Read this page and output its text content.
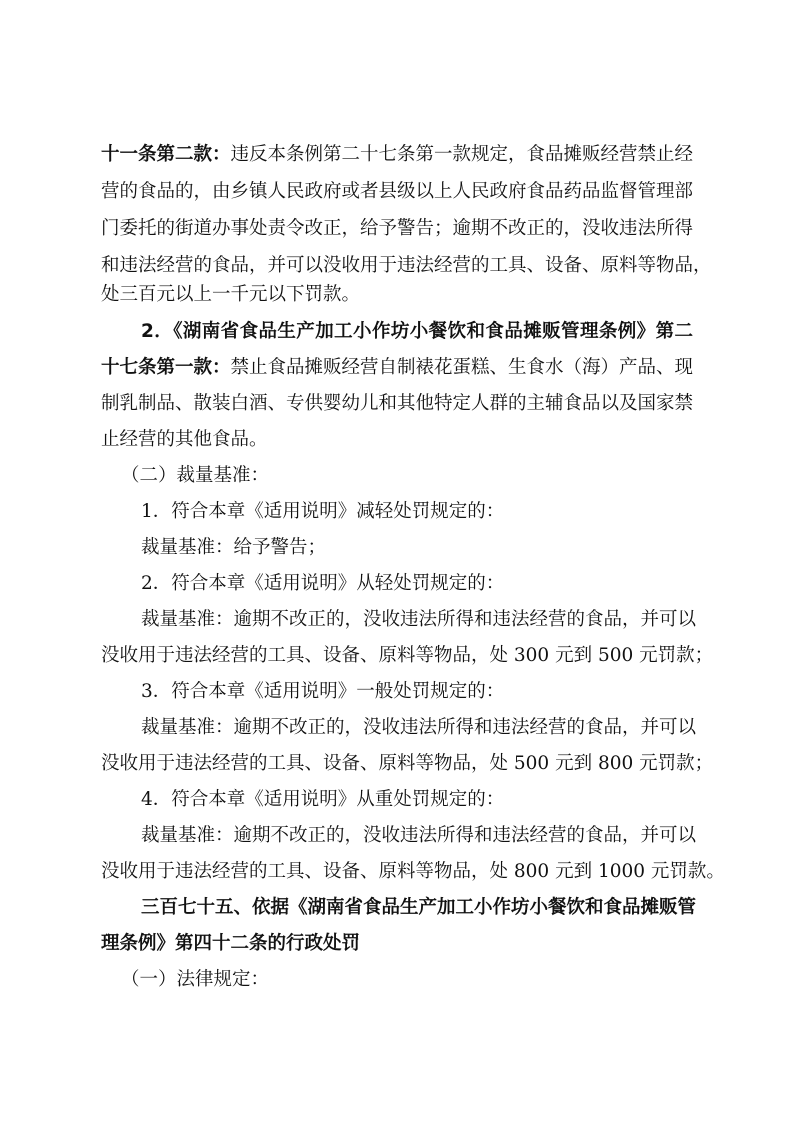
十一条第二款：违反本条例第二十七条第一款规定，食品摊贩经营禁止经
营的食品的，由乡镇人民政府或者县级以上人民政府食品药品监督管理部
门委托的街道办事处责令改正，给予警告；逾期不改正的，没收违法所得
和违法经营的食品，并可以没收用于违法经营的工具、设备、原料等物品，
处三百元以上一千元以下罚款。
2．《湖南省食品生产加工小作坊小餐饮和食品摊贩管理条例》第二
十七条第一款：禁止食品摊贩经营自制裱花蛋糕、生食水（海）产品、现
制乳制品、散装白酒、专供婴幼儿和其他特定人群的主辅食品以及国家禁
止经营的其他食品。
（二）裁量基准：
1．符合本章《适用说明》减轻处罚规定的：
裁量基准：给予警告；
2．符合本章《适用说明》从轻处罚规定的：
裁量基准：逾期不改正的，没收违法所得和违法经营的食品，并可以
没收用于违法经营的工具、设备、原料等物品，处 300 元到 500 元罚款；
3．符合本章《适用说明》一般处罚规定的：
裁量基准：逾期不改正的，没收违法所得和违法经营的食品，并可以
没收用于违法经营的工具、设备、原料等物品，处 500 元到 800 元罚款；
4．符合本章《适用说明》从重处罚规定的：
裁量基准：逾期不改正的，没收违法所得和违法经营的食品，并可以
没收用于违法经营的工具、设备、原料等物品，处 800 元到 1000 元罚款。
三百七十五、依据《湖南省食品生产加工小作坊小餐饮和食品摊贩管
理条例》第四十二条的行政处罚
（一）法律规定：
